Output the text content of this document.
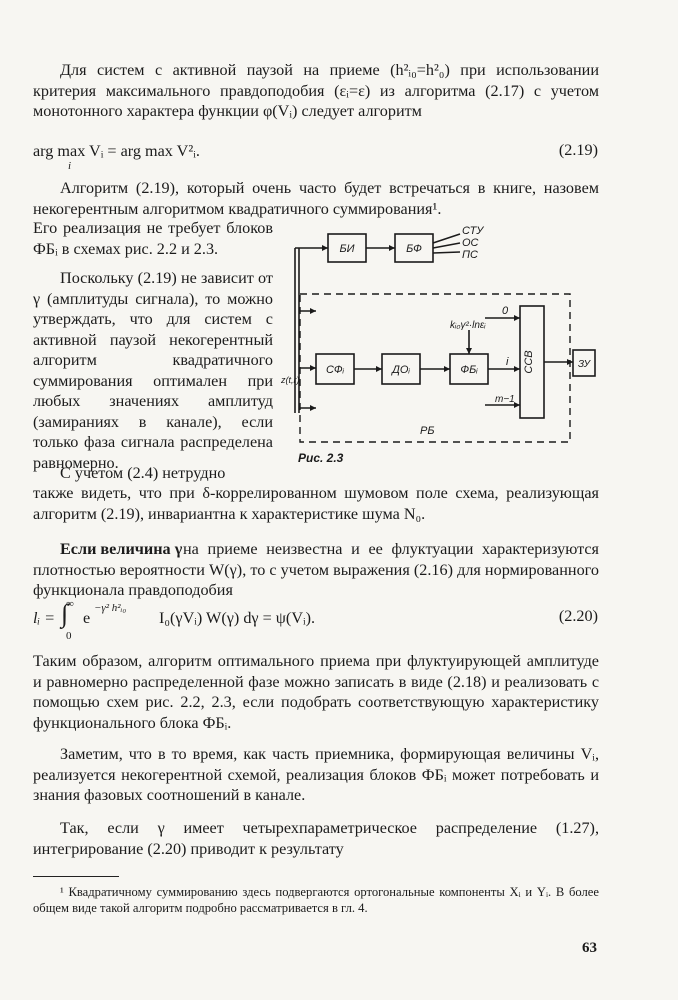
Для систем с активной паузой на приеме (h²ᵢ₀=h²₀) при использовании критерия максимального правдоподобия (εᵢ=ε) из алгоритма (2.17) с учетом монотонного характера функции φ(Vᵢ) следует алгоритм

arg max Vᵢ = arg max V²ᵢ.
i
(2.19)

Алгоритм (2.19), который очень часто будет встречаться в книге, назовем некогерентным алгоритмом квадратичного суммирования¹.

Его реализация не требует блоков ФБᵢ в схемах рис. 2.2 и 2.3.

Поскольку (2.19) не зависит от γ (амплитуды сигнала), то можно утверждать, что для систем с активной паузой некогерентный алгоритм квадратичного суммирования оптимален при любых значениях амплитуд (замираниях в канале), если только фаза сигнала распределена равномерно.

С учетом (2.4) нетрудно

также видеть, что при δ-коррелированном шумовом поле схема, реализующая алгоритм (2.19), инвариантна к характеристике шума N₀.

БИ	БФ
СТУ
ОС
ПС
СФᵢ	ДОᵢ	ФБᵢ	ССВ	ЗУ
z(t,r)
0
kᵢ₀γ²·lnεᵢ
i
m−1
РБ
Рис. 2.3
Если величина γ на приеме неизвестна и ее флуктуации характеризуются плотностью вероятности W(γ), то с учетом выражения (2.16) для нормированного функционала правдоподобия

lᵢ =
∞
∫
0
e
−γ² h²ᵢ₀
I₀(γVᵢ) W(γ) dγ = ψ(Vᵢ).	(2.20)

Таким образом, алгоритм оптимального приема при флуктуирующей амплитуде и равномерно распределенной фазе можно записать в виде (2.18) и реализовать с помощью схем рис. 2.2, 2.3, если подобрать соответствующую характеристику функционального блока ФБᵢ.

Заметим, что в то время, как часть приемника, формирующая величины Vᵢ, реализуется некогерентной схемой, реализация блоков ФБᵢ может потребовать и знания фазовых соотношений в канале.

Так, если γ имеет четырехпараметрическое распределение (1.27), интегрирование (2.20) приводит к результату

¹ Квадратичному суммированию здесь подвергаются ортогональные компоненты Xᵢ и Yᵢ. В более общем виде такой алгоритм подробно рассматривается в гл. 4.

63
